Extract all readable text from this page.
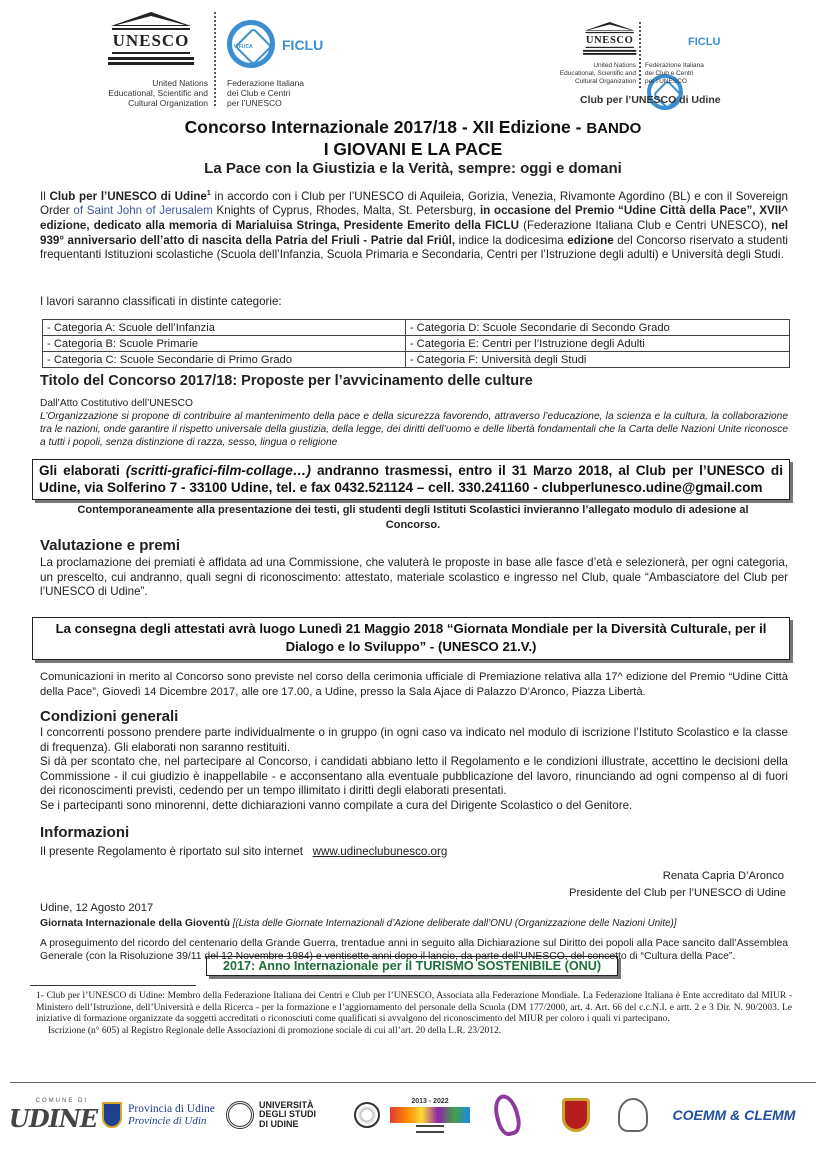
UNESCO
United Nations
Educational, Scientific and
Cultural Organization
WFUCA FICLU
Federazione Italiana
dei Club e Centri
per l’UNESCO
UNESCO
United Nations
Educational, Scientific and
Cultural Organization
FICLU
Federazione Italiana
dei Club e Centri
per l’UNESCO
Club per l’UNESCO di Udine
Concorso Internazionale 2017/18 - XII Edizione - BANDO
I GIOVANI E LA PACE
La Pace con la Giustizia e la Verità, sempre: oggi e domani
Il Club per l’UNESCO di Udine$^1$ in accordo con i Club per l’UNESCO di Aquileia, Gorizia, Venezia, Rivamonte Agordino (BL) e con il Sovereign Order of Saint John of Jerusalem Knights of Cyprus, Rhodes, Malta, St. Petersburg, in occasione del Premio “Udine Città della Pace”, XVII^ edizione, dedicato alla memoria di Marialuisa Stringa, Presidente Emerito della FICLU (Federazione Italiana Club e Centri UNESCO), nel 939° anniversario dell’atto di nascita della Patria del Friuli - Patrie dal Friûl, indice la dodicesima edizione del Concorso riservato a studenti frequentanti Istituzioni scolastiche (Scuola dell’Infanzia, Scuola Primaria e Secondaria, Centri per l’Istruzione degli adulti) e Università degli Studi.
I lavori saranno classificati in distinte categorie:
- Categoria A: Scuole dell’Infanzia	- Categoria D: Scuole Secondarie di Secondo Grado
- Categoria B: Scuole Primarie	- Categoria E: Centri per l’Istruzione degli Adulti
- Categoria C: Scuole Secondarie di Primo Grado	- Categoria F: Università degli Studi
Titolo del Concorso 2017/18: Proposte per l’avvicinamento delle culture
Dall’Atto Costitutivo dell’UNESCO
L’Organizzazione si propone di contribuire al mantenimento della pace e della sicurezza favorendo, attraverso l’educazione, la scienza e la cultura, la collaborazione tra le nazioni, onde garantire il rispetto universale della giustizia, della legge, dei diritti dell’uomo e delle libertà fondamentali che la Carta delle Nazioni Unite riconosce a tutti i popoli, senza distinzione di razza, sesso, lingua o religione
Gli elaborati (scritti-grafici-film-collage…) andranno trasmessi, entro il 31 Marzo 2018, al Club per l’UNESCO di Udine, via Solferino 7 - 33100 Udine, tel. e fax 0432.521124 – cell. 330.241160 - clubperlunesco.udine@gmail.com
Contemporaneamente alla presentazione dei testi, gli studenti degli Istituti Scolastici invieranno l’allegato modulo di adesione al Concorso.
Valutazione e premi
La proclamazione dei premiati è affidata ad una Commissione, che valuterà le proposte in base alle fasce d’età e selezionerà, per ogni categoria, un prescelto, cui andranno, quali segni di riconoscimento: attestato, materiale scolastico e ingresso nel Club, quale “Ambasciatore del Club per l’UNESCO di Udine”.
La consegna degli attestati avrà luogo Lunedì 21 Maggio 2018 “Giornata Mondiale per la Diversità Culturale, per il Dialogo e lo Sviluppo” - (UNESCO 21.V.)
Comunicazioni in merito al Concorso sono previste nel corso della cerimonia ufficiale di Premiazione relativa alla 17^ edizione del Premio “Udine Città della Pace”, Giovedì 14 Dicembre 2017, alle ore 17.00, a Udine, presso la Sala Ajace di Palazzo D’Aronco, Piazza Libertà.
Condizioni generali
I concorrenti possono prendere parte individualmente o in gruppo (in ogni caso va indicato nel modulo di iscrizione l’Istituto Scolastico e la classe di frequenza). Gli elaborati non saranno restituiti.
Si dà per scontato che, nel partecipare al Concorso, i candidati abbiano letto il Regolamento e le condizioni illustrate, accettino le decisioni della Commissione - il cui giudizio è inappellabile - e acconsentano alla eventuale pubblicazione del lavoro, rinunciando ad ogni compenso al di fuori dei riconoscimenti previsti, cedendo per un tempo illimitato i diritti degli elaborati presentati.
Se i partecipanti sono minorenni, dette dichiarazioni vanno compilate a cura del Dirigente Scolastico o del Genitore.
Informazioni
Il presente Regolamento è riportato sul sito internet www.udineclubunesco.org
Renata Capria D’Aronco
Presidente del Club per l’UNESCO di Udine
Udine, 12 Agosto 2017
Giornata Internazionale della Gioventù [(Lista delle Giornate Internazionali d’Azione deliberate dall’ONU (Organizzazione delle Nazioni Unite)]
A proseguimento del ricordo del centenario della Grande Guerra, trentadue anni in seguito alla Dichiarazione sul Diritto dei popoli alla Pace sancito dall’Assemblea Generale (con la Risoluzione 39/11 del 12 Novembre 1984) e ventisette anni dopo il lancio, da parte dell’UNESCO, del concetto di “Cultura della Pace”.
2017: Anno Internazionale per il TURISMO SOSTENIBILE (ONU)
1- Club per l’UNESCO di Udine: Membro della Federazione Italiana dei Centri e Club per l’UNESCO, Associata alla Federazione Mondiale. La Federazione Italiana è Ente accreditato dal MIUR - Ministero dell’Istruzione, dell’Università e della Ricerca - per la formazione e l’aggiornamento del personale della Scuola (DM 177/2000, art. 4. Art. 66 del c.c.N.I. e artt. 2 e 3 Dir. N. 90/2003. Le iniziative di formazione organizzate da soggetti accreditati o riconosciuti come qualificati si avvalgono del riconoscimento del MIUR per coloro i quali vi partecipano.
Iscrizione (n° 605) al Registro Regionale delle Associazioni di promozione sociale di cui all’art. 20 della L.R. 23/2012.
COMUNE DI
UDINE	Provincia di Udine
Provincie di Udin
UNIVERSITÀ
DEGLI STUDI
DI UDINE
2013 - 2022
COEMM & CLEMM
